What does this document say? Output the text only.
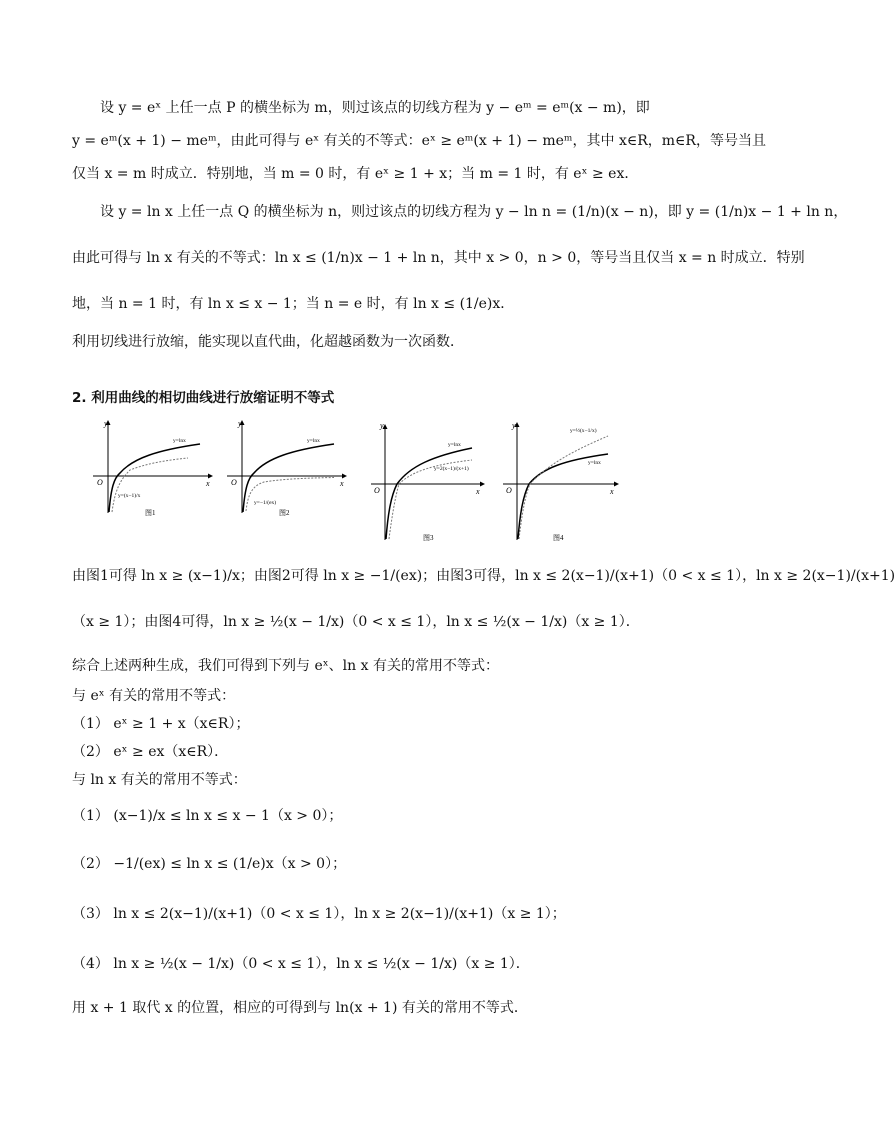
设 y = eˣ 上任一点 P 的横坐标为 m，则过该点的切线方程为 y − eᵐ = eᵐ(x − m)，即
y = eᵐ(x + 1) − meᵐ，由此可得与 eˣ 有关的不等式：eˣ ≥ eᵐ(x + 1) − meᵐ，其中 x∈R，m∈R，等号当且
仅当 x = m 时成立．特别地，当 m = 0 时，有 eˣ ≥ 1 + x；当 m = 1 时，有 eˣ ≥ ex．
设 y = ln x 上任一点 Q 的横坐标为 n，则过该点的切线方程为 y − ln n = (1/n)(x − n)，即 y = (1/n)x − 1 + ln n，
由此可得与 ln x 有关的不等式：ln x ≤ (1/n)x − 1 + ln n，其中 x > 0，n > 0，等号当且仅当 x = n 时成立．特别
地，当 n = 1 时，有 ln x ≤ x − 1；当 n = e 时，有 ln x ≤ (1/e)x．
利用切线进行放缩，能实现以直代曲，化超越函数为一次函数．
2. 利用曲线的相切曲线进行放缩证明不等式
y
x
O
y=lnx
y=(x−1)/x
图1
y
x
O
y=lnx
y=−1/(ex)
图2
y
x
O
y=lnx
y=2(x−1)/(x+1)
图3
y
x
O
y=lnx
y=½(x−1/x)
图4
由图1可得 ln x ≥ (x−1)/x；由图2可得 ln x ≥ −1/(ex)；由图3可得，ln x ≤ 2(x−1)/(x+1)（0 < x ≤ 1），ln x ≥ 2(x−1)/(x+1)
（x ≥ 1）；由图4可得，ln x ≥ ½(x − 1/x)（0 < x ≤ 1），ln x ≤ ½(x − 1/x)（x ≥ 1）．
综合上述两种生成，我们可得到下列与 eˣ、ln x 有关的常用不等式：
与 eˣ 有关的常用不等式：
（1） eˣ ≥ 1 + x（x∈R）；
（2） eˣ ≥ ex（x∈R）．
与 ln x 有关的常用不等式：
（1） (x−1)/x ≤ ln x ≤ x − 1（x > 0）；
（2） −1/(ex) ≤ ln x ≤ (1/e)x（x > 0）；
（3） ln x ≤ 2(x−1)/(x+1)（0 < x ≤ 1），ln x ≥ 2(x−1)/(x+1)（x ≥ 1）；
（4） ln x ≥ ½(x − 1/x)（0 < x ≤ 1），ln x ≤ ½(x − 1/x)（x ≥ 1）．
用 x + 1 取代 x 的位置，相应的可得到与 ln(x + 1) 有关的常用不等式．
